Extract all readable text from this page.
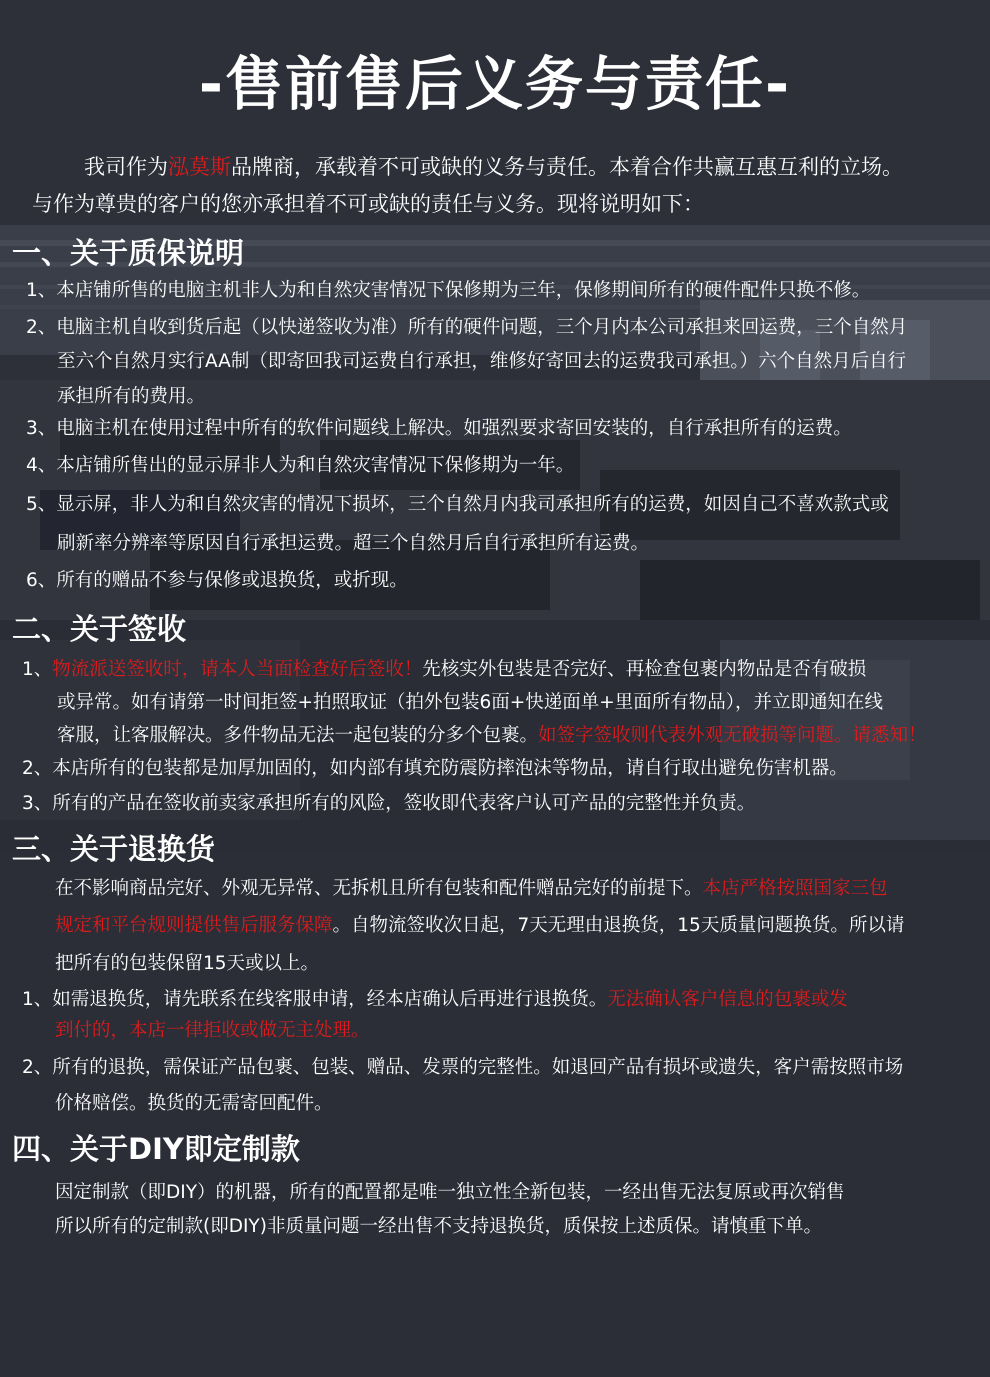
-售前售后义务与责任-
我司作为泓莫斯品牌商，承载着不可或缺的义务与责任。本着合作共赢互惠互利的立场。
与作为尊贵的客户的您亦承担着不可或缺的责任与义务。现将说明如下：
一、关于质保说明
1、本店铺所售的电脑主机非人为和自然灾害情况下保修期为三年，保修期间所有的硬件配件只换不修。
2、电脑主机自收到货后起（以快递签收为准）所有的硬件问题，三个月内本公司承担来回运费，三个自然月
至六个自然月实行AA制（即寄回我司运费自行承担，维修好寄回去的运费我司承担。）六个自然月后自行
承担所有的费用。
3、电脑主机在使用过程中所有的软件问题线上解决。如强烈要求寄回安装的，自行承担所有的运费。
4、本店铺所售出的显示屏非人为和自然灾害情况下保修期为一年。
5、显示屏，非人为和自然灾害的情况下损坏，三个自然月内我司承担所有的运费，如因自己不喜欢款式或
刷新率分辨率等原因自行承担运费。超三个自然月后自行承担所有运费。
6、所有的赠品不参与保修或退换货，或折现。
二、关于签收
1、物流派送签收时，请本人当面检查好后签收！先核实外包装是否完好、再检查包裹内物品是否有破损
或异常。如有请第一时间拒签+拍照取证（拍外包装6面+快递面单+里面所有物品），并立即通知在线
客服，让客服解决。多件物品无法一起包装的分多个包裹。如签字签收则代表外观无破损等问题。请悉知！
2、本店所有的包装都是加厚加固的，如内部有填充防震防摔泡沫等物品，请自行取出避免伤害机器。
3、所有的产品在签收前卖家承担所有的风险，签收即代表客户认可产品的完整性并负责。
三、关于退换货
在不影响商品完好、外观无异常、无拆机且所有包装和配件赠品完好的前提下。本店严格按照国家三包
规定和平台规则提供售后服务保障。自物流签收次日起，7天无理由退换货，15天质量问题换货。所以请
把所有的包装保留15天或以上。
1、如需退换货，请先联系在线客服申请，经本店确认后再进行退换货。无法确认客户信息的包裹或发
到付的，本店一律拒收或做无主处理。
2、所有的退换，需保证产品包裹、包装、赠品、发票的完整性。如退回产品有损坏或遗失，客户需按照市场
价格赔偿。换货的无需寄回配件。
四、关于DIY即定制款
因定制款（即DIY）的机器，所有的配置都是唯一独立性全新包装，一经出售无法复原或再次销售
所以所有的定制款(即DIY)非质量问题一经出售不支持退换货，质保按上述质保。请慎重下单。
